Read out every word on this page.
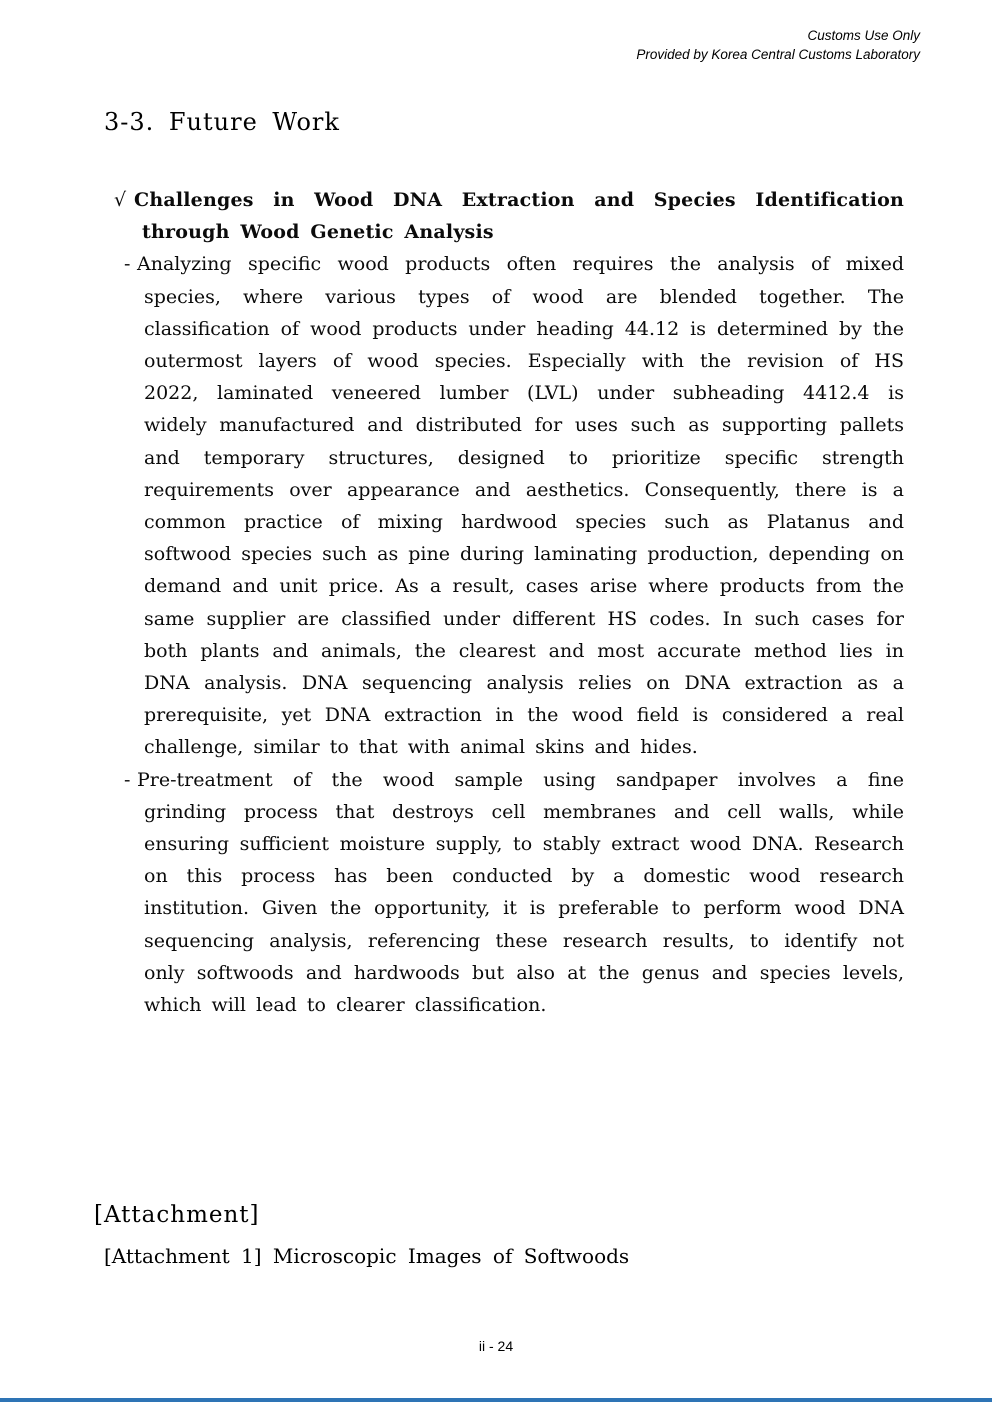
Customs Use Only
Provided by Korea Central Customs Laboratory
3-3. Future Work

√ Challenges in Wood DNA Extraction and Species Identification through Wood Genetic Analysis

- Analyzing specific wood products often requires the analysis of mixed species, where various types of wood are blended together. The classification of wood products under heading 44.12 is determined by the outermost layers of wood species. Especially with the revision of HS 2022, laminated veneered lumber (LVL) under subheading 4412.4 is widely manufactured and distributed for uses such as supporting pallets and temporary structures, designed to prioritize specific strength requirements over appearance and aesthetics. Consequently, there is a common practice of mixing hardwood species such as Platanus and softwood species such as pine during laminating production, depending on demand and unit price. As a result, cases arise where products from the same supplier are classified under different HS codes. In such cases for both plants and animals, the clearest and most accurate method lies in DNA analysis. DNA sequencing analysis relies on DNA extraction as a prerequisite, yet DNA extraction in the wood field is considered a real challenge, similar to that with animal skins and hides.

- Pre-treatment of the wood sample using sandpaper involves a fine grinding process that destroys cell membranes and cell walls, while ensuring sufficient moisture supply, to stably extract wood DNA. Research on this process has been conducted by a domestic wood research institution. Given the opportunity, it is preferable to perform wood DNA sequencing analysis, referencing these research results, to identify not only softwoods and hardwoods but also at the genus and species levels, which will lead to clearer classification.

[Attachment]
[Attachment 1] Microscopic Images of Softwoods
ii - 24
